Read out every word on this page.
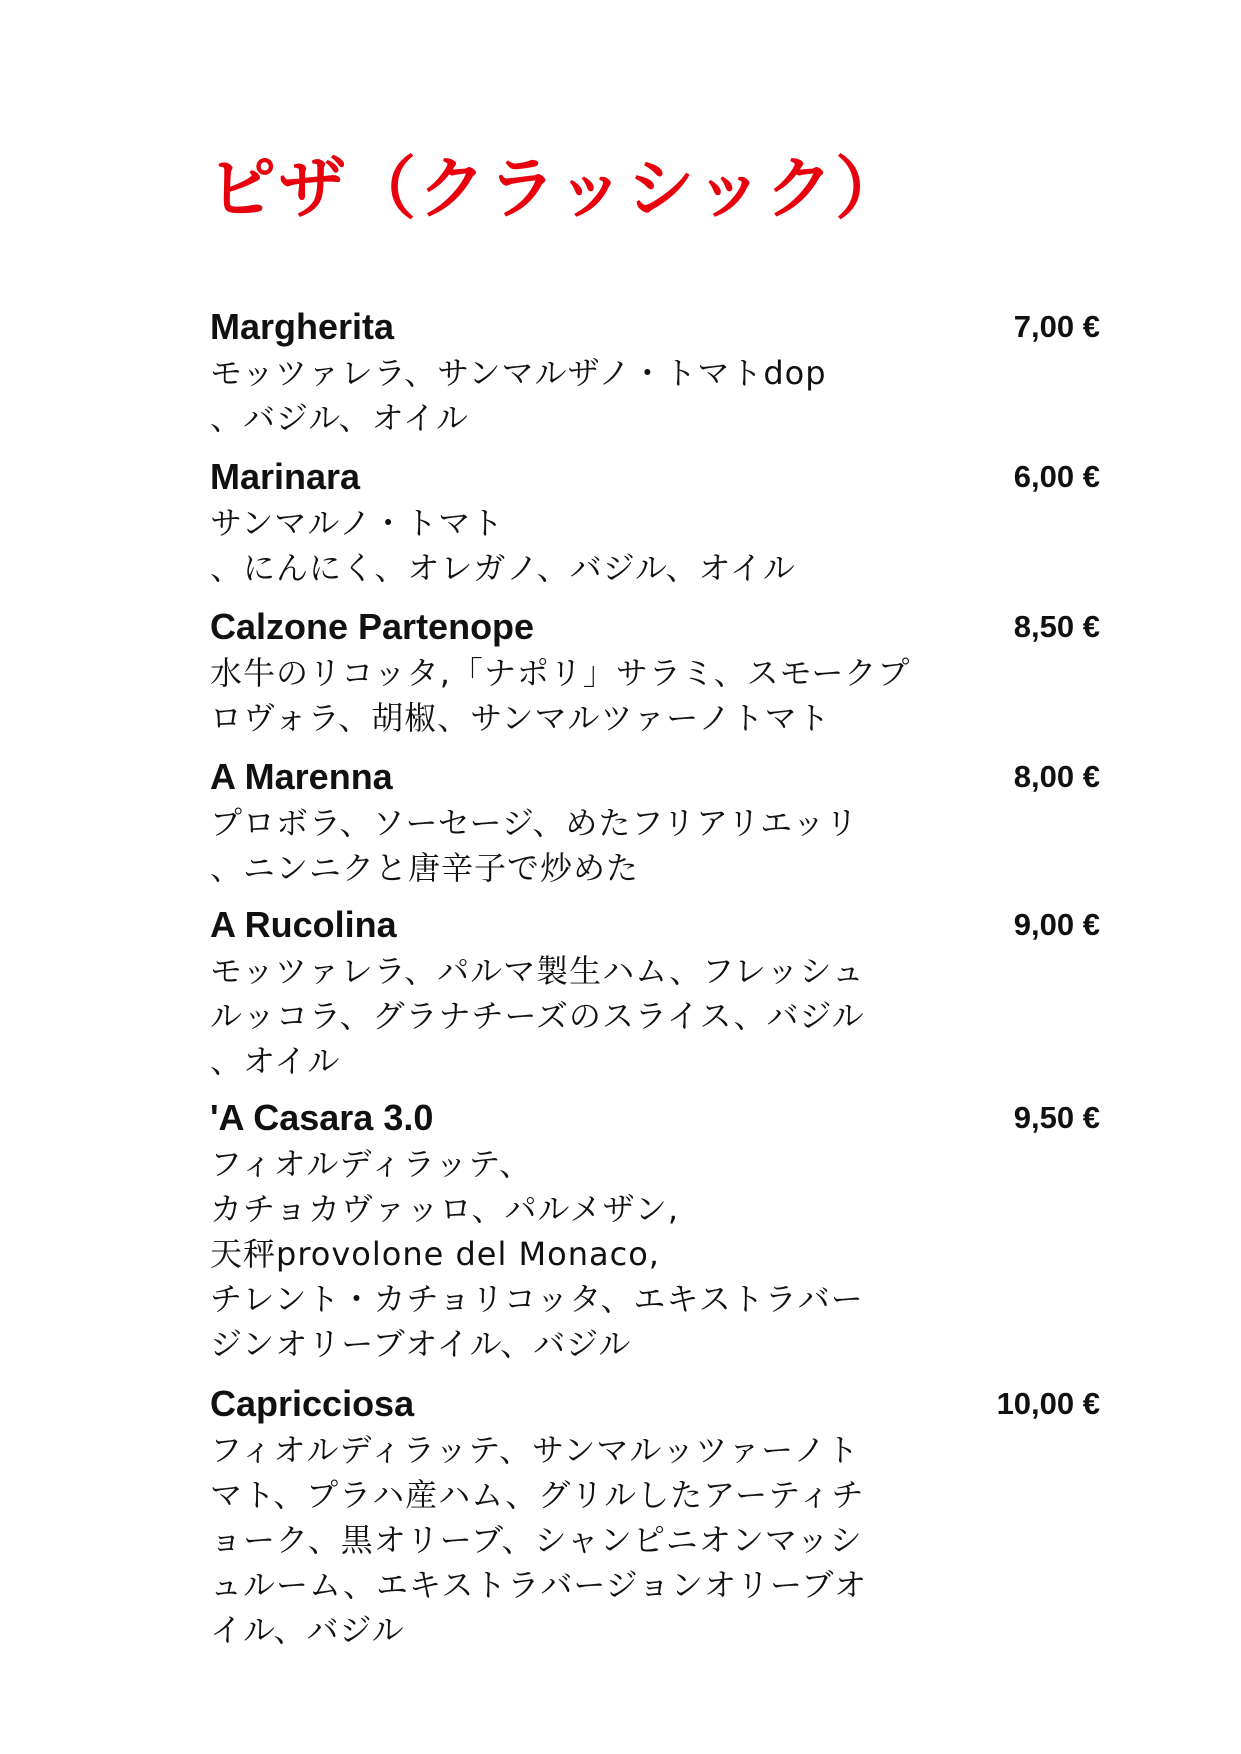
ピザ（クラッシック）
Margherita	7,00 €
モッツァレラ、サンマルザノ・トマトdop
、バジル、オイル
Marinara	6,00 €
サンマルノ・トマト
、にんにく、オレガノ、バジル、オイル
Calzone Partenope	8,50 €
水牛のリコッタ,「ナポリ」サラミ、スモークプ
ロヴォラ、胡椒、サンマルツァーノトマト
A Marenna	8,00 €
プロボラ、ソーセージ、めたフリアリエッリ
、ニンニクと唐辛子で炒めた
A Rucolina	9,00 €
モッツァレラ、パルマ製生ハム、フレッシュ
ルッコラ、グラナチーズのスライス、バジル
、オイル
'A Casara 3.0	9,50 €
フィオルディラッテ、
カチョカヴァッロ、パルメザン,
天秤provolone del Monaco,
チレント・カチョリコッタ、エキストラバー
ジンオリーブオイル、バジル
Capricciosa	10,00 €
フィオルディラッテ、サンマルッツァーノト
マト、プラハ産ハム、グリルしたアーティチ
ョーク、黒オリーブ、シャンピニオンマッシ
ュルーム、エキストラバージョンオリーブオ
イル、バジル
